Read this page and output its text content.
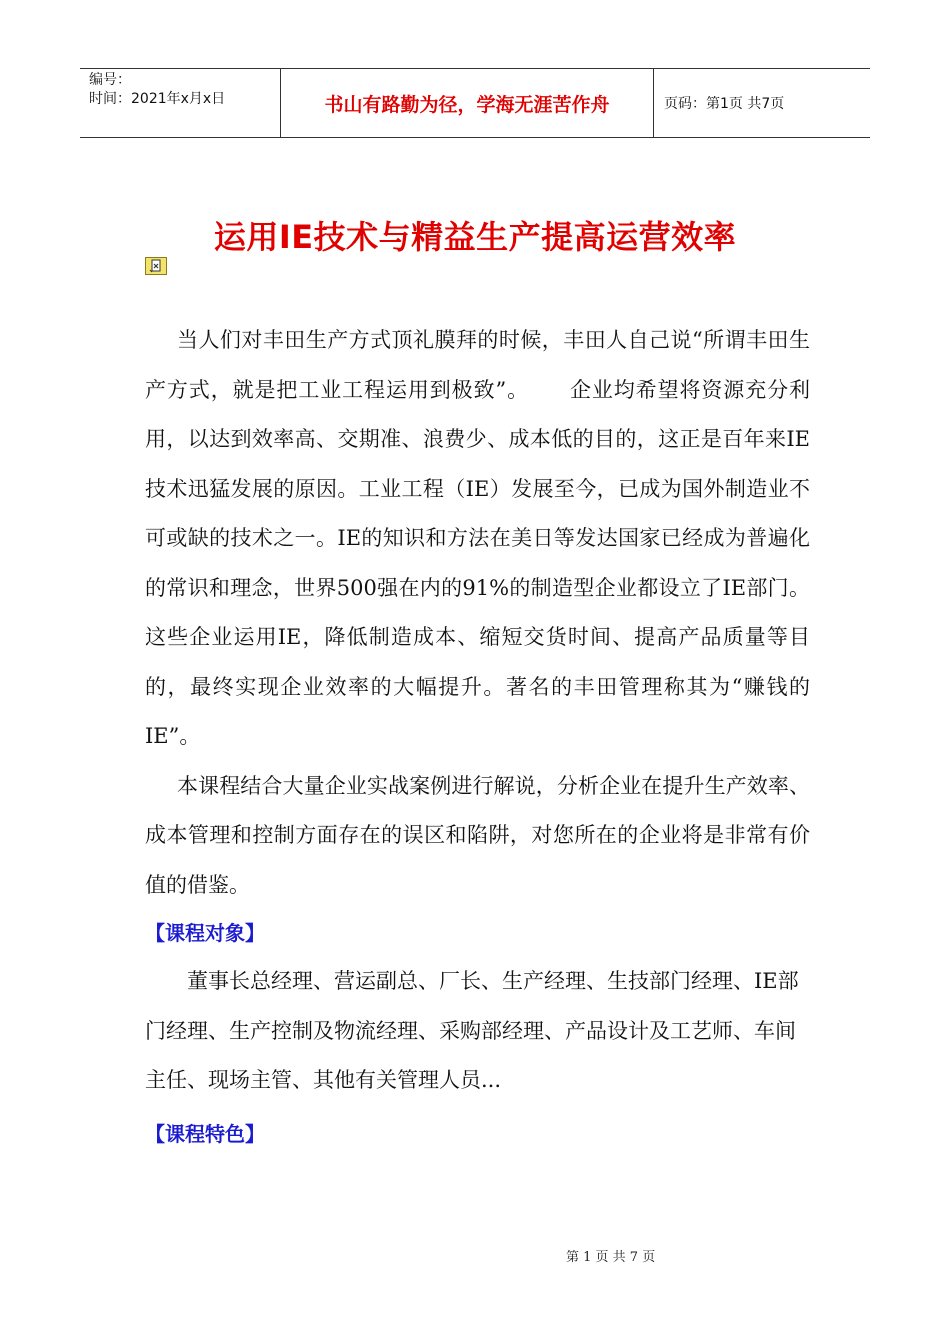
编号：
时间：2021年x月x日	书山有路勤为径，学海无涯苦作舟	页码：第1页 共7页
运用IE技术与精益生产提高运营效率

当人们对丰田生产方式顶礼膜拜的时候，丰田人自己说“所谓丰田生产方式，就是把工业工程运用到极致”。 企业均希望将资源充分利用，以达到效率高、交期准、浪费少、成本低的目的，这正是百年来IE技术迅猛发展的原因。工业工程（IE）发展至今，已成为国外制造业不可或缺的技术之一。IE的知识和方法在美日等发达国家已经成为普遍化的常识和理念，世界500强在内的91%的制造型企业都设立了IE部门。这些企业运用IE，降低制造成本、缩短交货时间、提高产品质量等目的，最终实现企业效率的大幅提升。著名的丰田管理称其为“赚钱的IE”。

本课程结合大量企业实战案例进行解说，分析企业在提升生产效率、成本管理和控制方面存在的误区和陷阱，对您所在的企业将是非常有价值的借鉴。

【课程对象】

董事长总经理、营运副总、厂长、生产经理、生技部门经理、IE部门经理、生产控制及物流经理、采购部经理、产品设计及工艺师、车间主任、现场主管、其他有关管理人员...

【课程特色】
第 1 页 共 7 页
